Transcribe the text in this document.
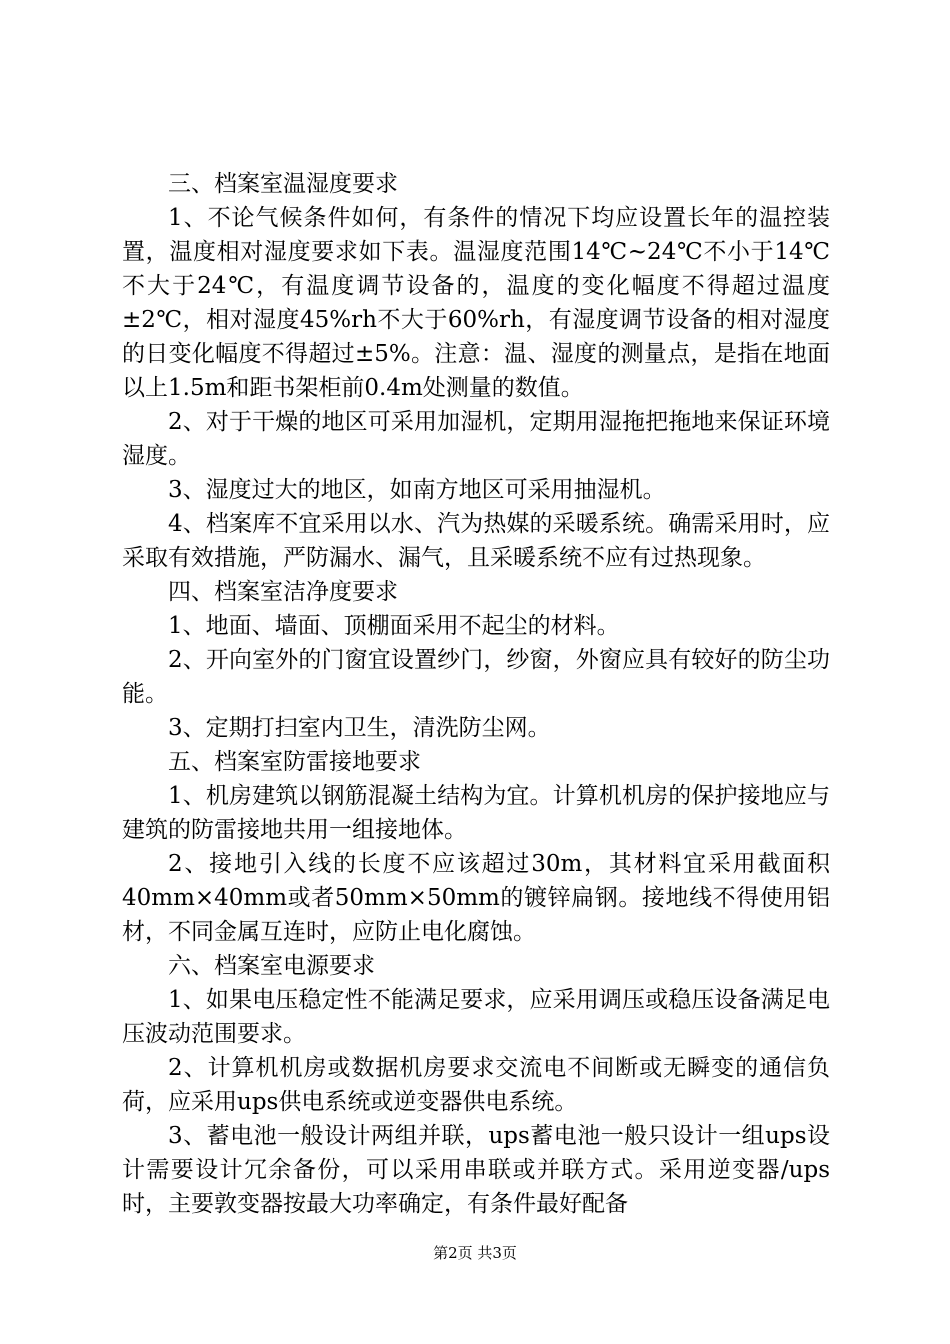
三、档案室温湿度要求

1、不论气候条件如何，有条件的情况下均应设置长年的温控装置，温度相对湿度要求如下表。温湿度范围14℃~24℃不小于14℃不大于24℃，有温度调节设备的，温度的变化幅度不得超过温度±2℃，相对湿度45%rh不大于60%rh，有湿度调节设备的相对湿度的日变化幅度不得超过±5%。注意：温、湿度的测量点，是指在地面以上1.5m和距书架柜前0.4m处测量的数值。

2、对于干燥的地区可采用加湿机，定期用湿拖把拖地来保证环境湿度。

3、湿度过大的地区，如南方地区可采用抽湿机。

4、档案库不宜采用以水、汽为热媒的采暖系统。确需采用时，应采取有效措施，严防漏水、漏气，且采暖系统不应有过热现象。

四、档案室洁净度要求

1、地面、墙面、顶棚面采用不起尘的材料。

2、开向室外的门窗宜设置纱门，纱窗，外窗应具有较好的防尘功能。

3、定期打扫室内卫生，清洗防尘网。

五、档案室防雷接地要求

1、机房建筑以钢筋混凝土结构为宜。计算机机房的保护接地应与建筑的防雷接地共用一组接地体。

2、接地引入线的长度不应该超过30m，其材料宜采用截面积40mm×40mm或者50mm×50mm的镀锌扁钢。接地线不得使用铝材，不同金属互连时，应防止电化腐蚀。

六、档案室电源要求

1、如果电压稳定性不能满足要求，应采用调压或稳压设备满足电压波动范围要求。

2、计算机机房或数据机房要求交流电不间断或无瞬变的通信负荷，应采用ups供电系统或逆变器供电系统。

3、蓄电池一般设计两组并联，ups蓄电池一般只设计一组ups设计需要设计冗余备份，可以采用串联或并联方式。采用逆变器/ups时，主要敦变器按最大功率确定，有条件最好配备

第2页 共3页
